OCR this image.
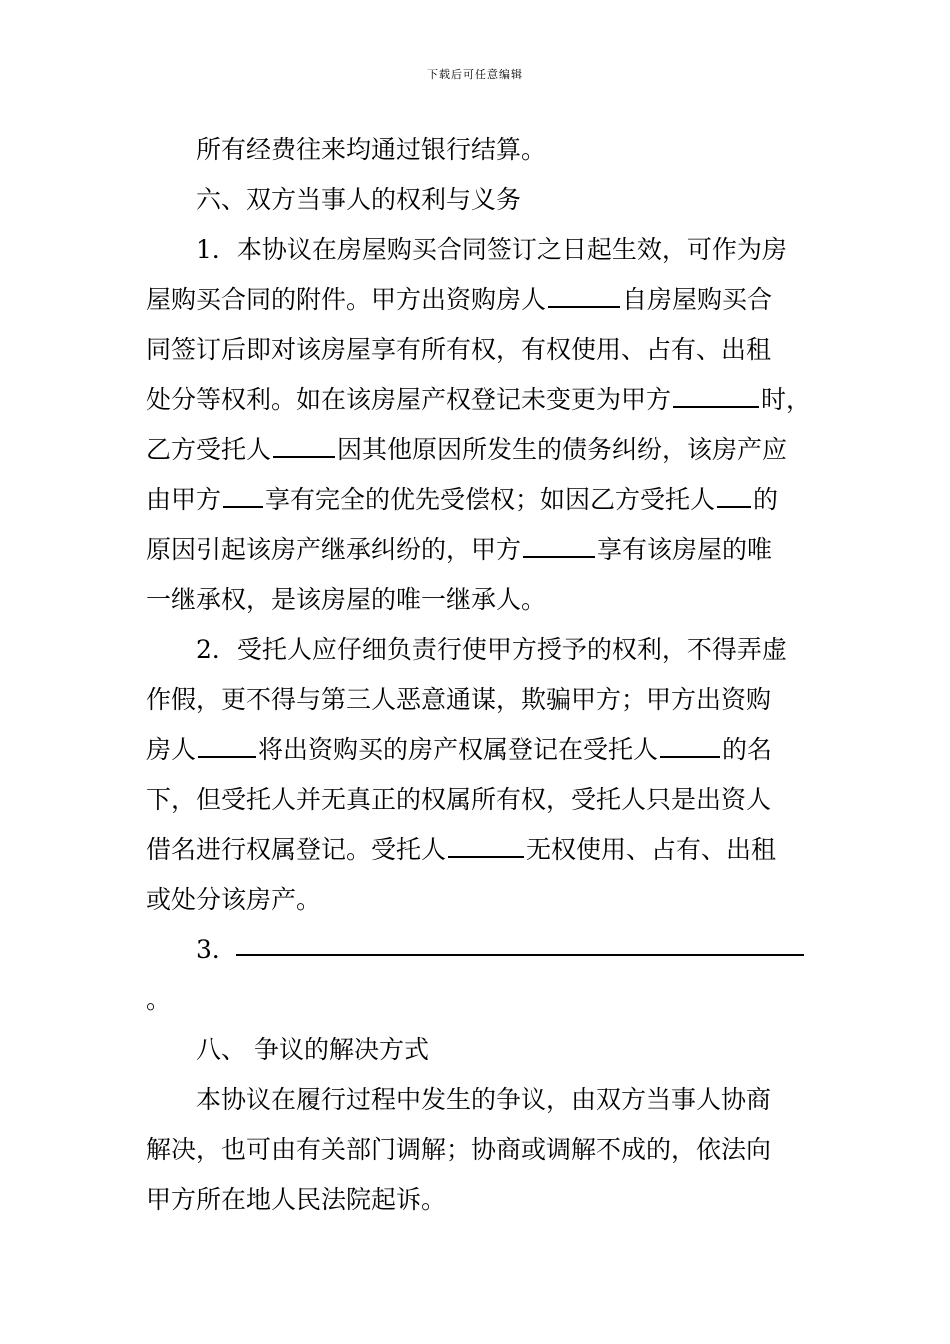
下载后可任意编辑
所有经费往来均通过银行结算。
六、双方当事人的权利与义务
1．本协议在房屋购买合同签订之日起生效，可作为房
屋购买合同的附件。甲方出资购房人	自房屋购买合
同签订后即对该房屋享有所有权，有权使用、占有、出租
处分等权利。如在该房屋产权登记未变更为甲方	时，
乙方受托人	因其他原因所发生的债务纠纷，该房产应
由甲方 享有完全的优先受偿权；如因乙方受托人 的
原因引起该房产继承纠纷的，甲方	享有该房屋的唯
一继承权，是该房屋的唯一继承人。
2．受托人应仔细负责行使甲方授予的权利，不得弄虚
作假，更不得与第三人恶意通谋，欺骗甲方；甲方出资购
房人 将出资购买的房产权属登记在受托人	的名
下，但受托人并无真正的权属所有权，受托人只是出资人
借名进行权属登记。受托人	无权使用、占有、出租
或处分该房产。
3．
。
八、 争议的解决方式
本协议在履行过程中发生的争议，由双方当事人协商
解决，也可由有关部门调解；协商或调解不成的，依法向
甲方所在地人民法院起诉。
